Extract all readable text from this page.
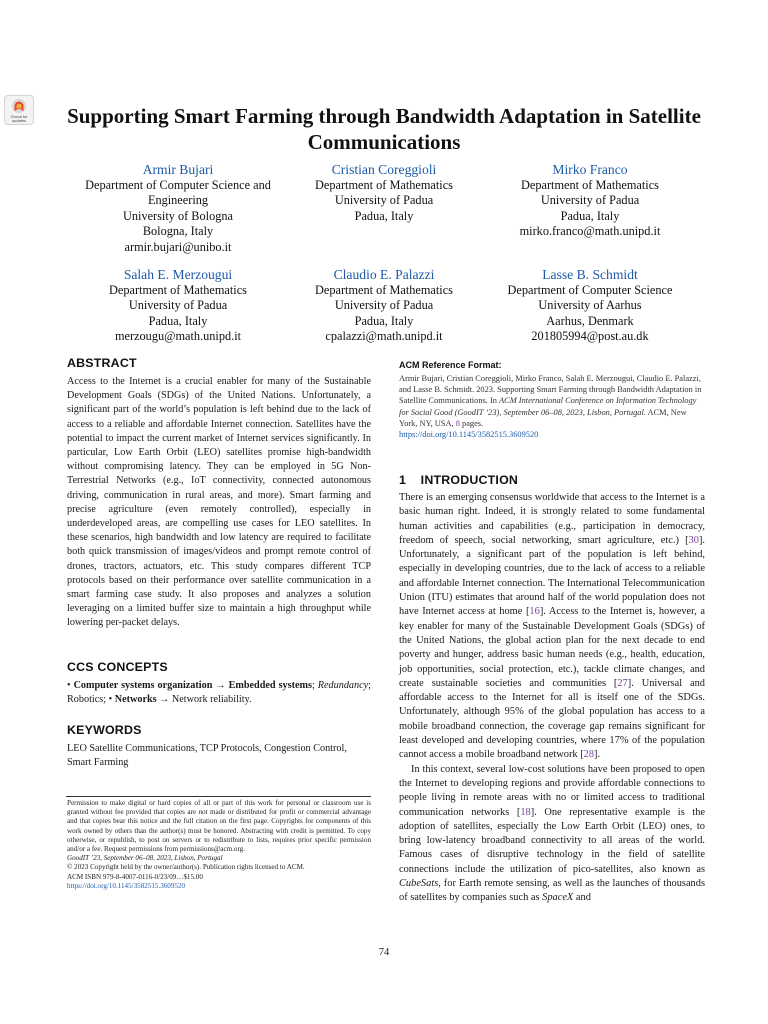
Check for updates	Supporting Smart Farming through Bandwidth Adaptation in Satellite Communications
Armir Bujari
Department of Computer Science and
Engineering
University of Bologna
Bologna, Italy
armir.bujari@unibo.it
Cristian Coreggioli
Department of Mathematics
University of Padua
Padua, Italy
Mirko Franco
Department of Mathematics
University of Padua
Padua, Italy
mirko.franco@math.unipd.it
Salah E. Merzougui
Department of Mathematics
University of Padua
Padua, Italy
merzougu@math.unipd.it
Claudio E. Palazzi
Department of Mathematics
University of Padua
Padua, Italy
cpalazzi@math.unipd.it
Lasse B. Schmidt
Department of Computer Science
University of Aarhus
Aarhus, Denmark
201805994@post.au.dk
ABSTRACT
Access to the Internet is a crucial enabler for many of the Sustainable Development Goals (SDGs) of the United Nations. Unfortunately, a significant part of the world’s population is left behind due to the lack of access to a reliable and affordable Internet connection. Satellites have the potential to impact the current market of Internet services significantly. In particular, Low Earth Orbit (LEO) satellites promise high-bandwidth without compromising latency. They can be employed in 5G Non-Terrestrial Networks (e.g., IoT connectivity, connected autonomous driving, communication in rural areas, and more). Smart farming and precise agriculture (even remotely controlled), especially in underdeveloped areas, are compelling use cases for LEO satellites. In these scenarios, high bandwidth and low latency are required to facilitate both quick transmission of images/videos and prompt remote control of drones, tractors, actuators, etc. This study compares different TCP protocols based on their performance over satellite communication in a smart farming case study. It also proposes and analyzes a solution leveraging on a limited buffer size to maintain a high throughput while lowering per-packet delays.
CCS CONCEPTS
• Computer systems organization → Embedded systems; Redundancy; Robotics; • Networks → Network reliability.
KEYWORDS
LEO Satellite Communications, TCP Protocols, Congestion Control, Smart Farming

Permission to make digital or hard copies of all or part of this work for personal or classroom use is granted without fee provided that copies are not made or distributed for profit or commercial advantage and that copies bear this notice and the full citation on the first page. Copyrights for components of this work owned by others than the author(s) must be honored. Abstracting with credit is permitted. To copy otherwise, or republish, to post on servers or to redistribute to lists, requires prior specific permission and/or a fee. Request permissions from permissions@acm.org.

GoodIT ’23, September 06–08, 2023, Lisbon, Portugal

© 2023 Copyright held by the owner/author(s). Publication rights licensed to ACM.

ACM ISBN 979-8-4007-0116-0/23/09…$15.00

https://doi.org/10.1145/3582515.3609520

ACM Reference Format:
Armir Bujari, Cristian Coreggioli, Mirko Franco, Salah E. Merzougui, Claudio E. Palazzi, and Lasse B. Schmidt. 2023. Supporting Smart Farming through Bandwidth Adaptation in Satellite Communications. In ACM International Conference on Information Technology for Social Good (GoodIT ’23), September 06–08, 2023, Lisbon, Portugal. ACM, New York, NY, USA, 8 pages.
https://doi.org/10.1145/3582515.3609520
1 INTRODUCTION

There is an emerging consensus worldwide that access to the Internet is a basic human right. Indeed, it is strongly related to some fundamental human activities and capabilities (e.g., participation in democracy, freedom of speech, social networking, smart agriculture, etc.) [30]. Unfortunately, a significant part of the population is left behind, especially in developing countries, due to the lack of access to a reliable and affordable Internet connection. The International Telecommunication Union (ITU) estimates that around half of the world population does not have Internet access at home [16]. Access to the Internet is, however, a key enabler for many of the Sustainable Development Goals (SDGs) of the United Nations, the global action plan for the next decade to end poverty and hunger, address basic human needs (e.g., health, education, job opportunities, social protection, etc.), tackle climate changes, and create sustainable societies and communities [27]. Universal and affordable access to the Internet for all is itself one of the SDGs. Unfortunately, although 95% of the global population has access to a mobile broadband connection, the coverage gap remains significant for least developed and developing countries, where 17% of the population cannot access a mobile broadband network [28].

In this context, several low-cost solutions have been proposed to open the Internet to developing regions and provide affordable connections to people living in remote areas with no or limited access to traditional communication networks [18]. One representative example is the adoption of satellites, especially the Low Earth Orbit (LEO) ones, to bring low-latency broadband connectivity to all areas of the world. Famous cases of disruptive technology in the field of satellite connections include the utilization of pico-satellites, also known as CubeSats, for Earth remote sensing, as well as the launches of thousands of satellites by companies such as SpaceX and

74
